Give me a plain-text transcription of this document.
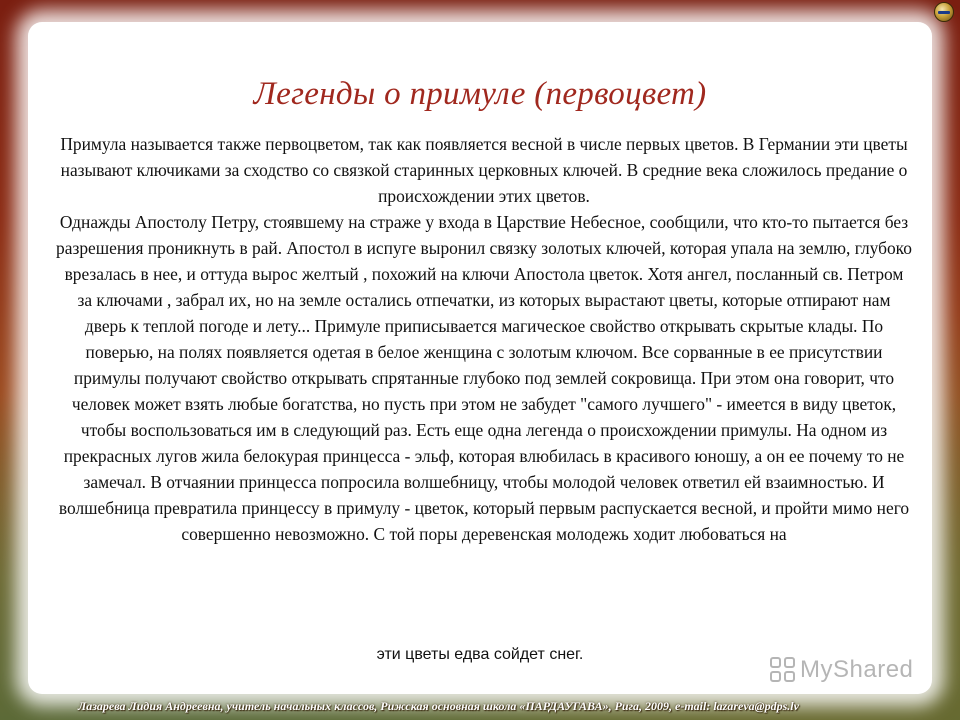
Легенды о примуле (первоцвет)

Примула называется также первоцветом, так как появляется весной в числе первых цветов. В Германии эти цветы называют ключиками за сходство со связкой старинных церковных ключей. В средние века сложилось предание о происхождении этих цветов.

Однажды Апостолу Петру, стоявшему на страже у входа в Царствие Небесное, сообщили, что кто-то пытается без разрешения проникнуть в рай. Апостол в испуге выронил связку золотых ключей, которая упала на землю, глубоко врезалась в нее, и оттуда вырос желтый , похожий на ключи Апостола цветок. Хотя ангел, посланный св. Петром за ключами , забрал их, но на земле остались отпечатки, из которых вырастают цветы, которые отпирают нам дверь к теплой погоде и лету... Примуле приписывается магическое свойство открывать скрытые клады. По поверью, на полях появляется одетая в белое женщина с золотым ключом. Все сорванные в ее присутствии примулы получают свойство открывать спрятанные глубоко под землей сокровища. При этом она говорит, что человек может взять любые богатства, но пусть при этом не забудет "самого лучшего" - имеется в виду цветок, чтобы воспользоваться им в следующий раз. Есть еще одна легенда о происхождении примулы. На одном из прекрасных лугов жила белокурая принцесса - эльф, которая влюбилась в красивого юношу, а он ее почему то не замечал. В отчаянии принцесса попросила волшебницу, чтобы молодой человек ответил ей взаимностью. И волшебница превратила принцессу в примулу - цветок, который первым распускается весной, и пройти мимо него совершенно невозможно. С той поры деревенская молодежь ходит любоваться на

эти цветы едва сойдет снег.

MyShared
Лазарева Лидия Андреевна, учитель начальных классов, Рижская основная школа «ПАРДАУГАВА», Рига, 2009, e-mail: lazareva@pdps.lv
